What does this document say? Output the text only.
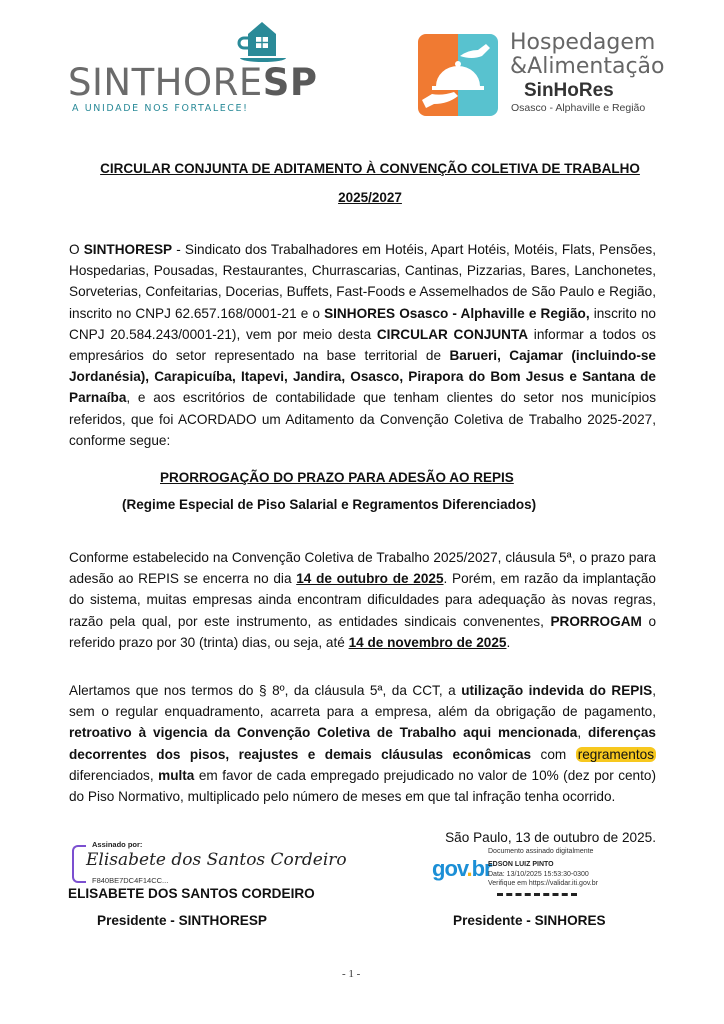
SINTHORESP
A UNIDADE NOS FORTALECE!
Hospedagem
&Alimentação
SinHoRes
Osasco - Alphaville e Região
CIRCULAR CONJUNTA DE ADITAMENTO À CONVENÇÃO COLETIVA DE TRABALHO
2025/2027
O SINTHORESP - Sindicato dos Trabalhadores em Hotéis, Apart Hotéis, Motéis, Flats, Pensões, Hospedarias, Pousadas, Restaurantes, Churrascarias, Cantinas, Pizzarias, Bares, Lanchonetes, Sorveterias, Confeitarias, Docerias, Buffets, Fast-Foods e Assemelhados de São Paulo e Região, inscrito no CNPJ 62.657.168/0001-21 e o SINHORES Osasco - Alphaville e Região, inscrito no CNPJ 20.584.243/0001-21), vem por meio desta CIRCULAR CONJUNTA informar a todos os empresários do setor representado na base territorial de Barueri, Cajamar (incluindo-se Jordanésia), Carapicuíba, Itapevi, Jandira, Osasco, Pirapora do Bom Jesus e Santana de Parnaíba, e aos escritórios de contabilidade que tenham clientes do setor nos municípios referidos, que foi ACORDADO um Aditamento da Convenção Coletiva de Trabalho 2025-2027, conforme segue:
PRORROGAÇÃO DO PRAZO PARA ADESÃO AO REPIS
(Regime Especial de Piso Salarial e Regramentos Diferenciados)
Conforme estabelecido na Convenção Coletiva de Trabalho 2025/2027, cláusula 5ª, o prazo para adesão ao REPIS se encerra no dia 14 de outubro de 2025. Porém, em razão da implantação do sistema, muitas empresas ainda encontram dificuldades para adequação às novas regras, razão pela qual, por este instrumento, as entidades sindicais convenentes, PRORROGAM o referido prazo por 30 (trinta) dias, ou seja, até 14 de novembro de 2025.
Alertamos que nos termos do § 8º, da cláusula 5ª, da CCT, a utilização indevida do REPIS, sem o regular enquadramento, acarreta para a empresa, além da obrigação de pagamento, retroativo à vigencia da Convenção Coletiva de Trabalho aqui mencionada, diferenças decorrentes dos pisos, reajustes e demais cláusulas econômicas com regramentos diferenciados, multa em favor de cada empregado prejudicado no valor de 10% (dez por cento) do Piso Normativo, multiplicado pelo número de meses em que tal infração tenha ocorrido.
São Paulo, 13 de outubro de 2025.
Assinado por:
Elisabete dos Santos Cordeiro
F840BE7DC4F14CC...
ELISABETE DOS SANTOS CORDEIRO
Presidente - SINTHORESP
gov.br
Documento assinado digitalmente
EDSON LUIZ PINTO
Data: 13/10/2025 15:53:30-0300
Verifique em https://validar.iti.gov.br
Presidente - SINHORES
- 1 -
